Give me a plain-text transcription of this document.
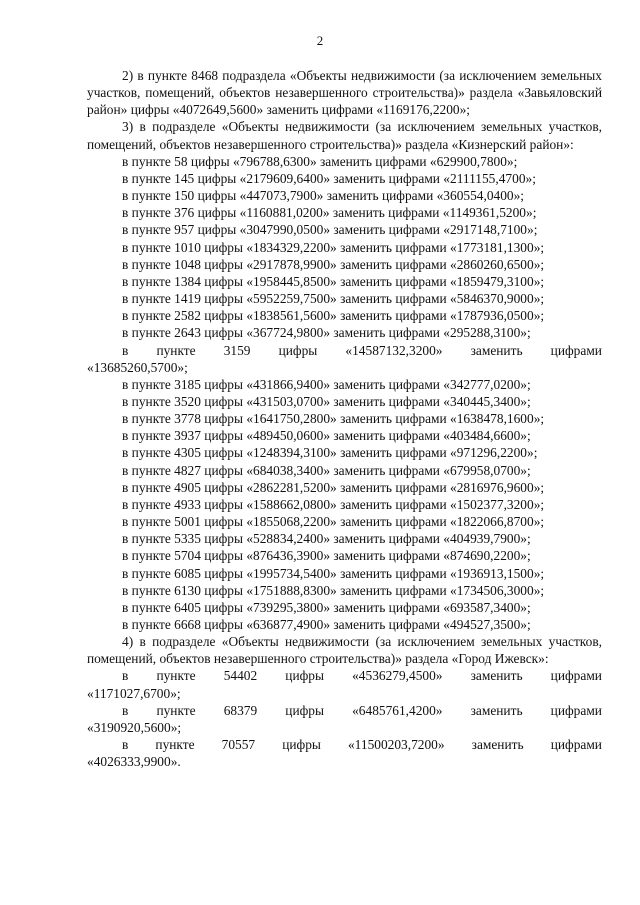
2

2) в пункте 8468 подраздела «Объекты недвижимости (за исключением земельных участков, помещений, объектов незавершенного строительства)» раздела «Завьяловский район» цифры «4072649,5600» заменить цифрами «1169176,2200»;

3) в подразделе «Объекты недвижимости (за исключением земельных участков, помещений, объектов незавершенного строительства)» раздела «Кизнерский район»:

в пункте 58 цифры «796788,6300» заменить цифрами «629900,7800»;

в пункте 145 цифры «2179609,6400» заменить цифрами «2111155,4700»;

в пункте 150 цифры «447073,7900» заменить цифрами «360554,0400»;

в пункте 376 цифры «1160881,0200» заменить цифрами «1149361,5200»;

в пункте 957 цифры «3047990,0500» заменить цифрами «2917148,7100»;

в пункте 1010 цифры «1834329,2200» заменить цифрами «1773181,1300»;

в пункте 1048 цифры «2917878,9900» заменить цифрами «2860260,6500»;

в пункте 1384 цифры «1958445,8500» заменить цифрами «1859479,3100»;

в пункте 1419 цифры «5952259,7500» заменить цифрами «5846370,9000»;

в пункте 2582 цифры «1838561,5600» заменить цифрами «1787936,0500»;

в пункте 2643 цифры «367724,9800» заменить цифрами «295288,3100»;

в пункте 3159 цифры «14587132,3200» заменить цифрами

«13685260,5700»;

в пункте 3185 цифры «431866,9400» заменить цифрами «342777,0200»;

в пункте 3520 цифры «431503,0700» заменить цифрами «340445,3400»;

в пункте 3778 цифры «1641750,2800» заменить цифрами «1638478,1600»;

в пункте 3937 цифры «489450,0600» заменить цифрами «403484,6600»;

в пункте 4305 цифры «1248394,3100» заменить цифрами «971296,2200»;

в пункте 4827 цифры «684038,3400» заменить цифрами «679958,0700»;

в пункте 4905 цифры «2862281,5200» заменить цифрами «2816976,9600»;

в пункте 4933 цифры «1588662,0800» заменить цифрами «1502377,3200»;

в пункте 5001 цифры «1855068,2200» заменить цифрами «1822066,8700»;

в пункте 5335 цифры «528834,2400» заменить цифрами «404939,7900»;

в пункте 5704 цифры «876436,3900» заменить цифрами «874690,2200»;

в пункте 6085 цифры «1995734,5400» заменить цифрами «1936913,1500»;

в пункте 6130 цифры «1751888,8300» заменить цифрами «1734506,3000»;

в пункте 6405 цифры «739295,3800» заменить цифрами «693587,3400»;

в пункте 6668 цифры «636877,4900» заменить цифрами «494527,3500»;

4) в подразделе «Объекты недвижимости (за исключением земельных участков, помещений, объектов незавершенного строительства)» раздела «Город Ижевск»:

в пункте 54402 цифры «4536279,4500» заменить цифрами

«1171027,6700»;

в пункте 68379 цифры «6485761,4200» заменить цифрами

«3190920,5600»;

в пункте 70557 цифры «11500203,7200» заменить цифрами

«4026333,9900».
